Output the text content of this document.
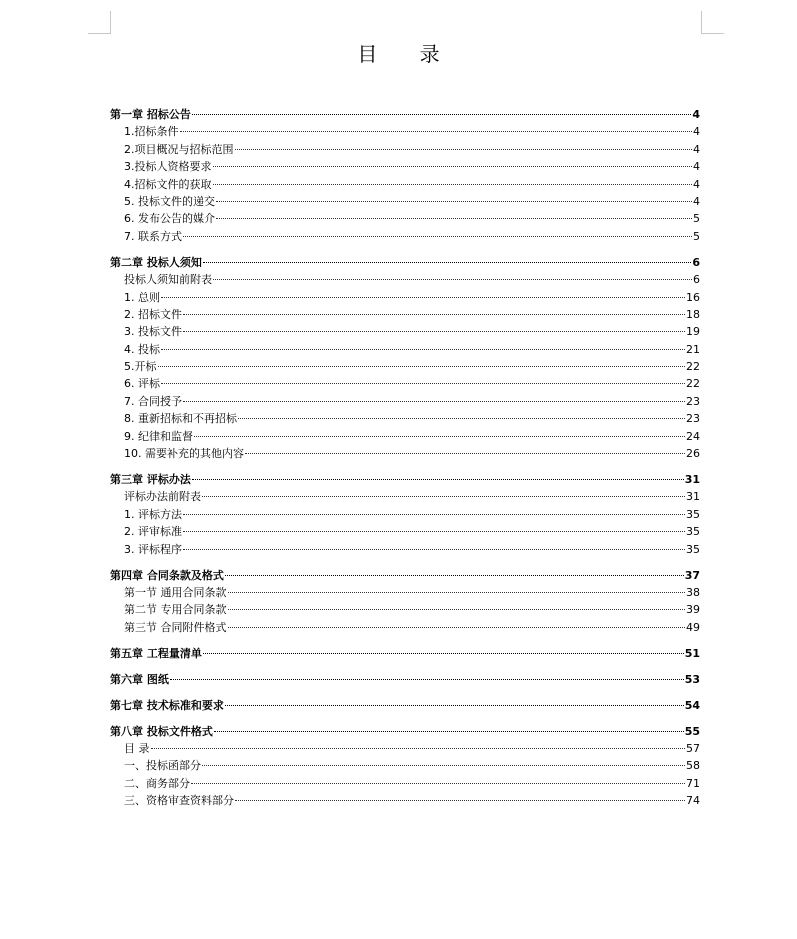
目 录
第一章 招标公告	4
1.招标条件	4
2.项目概况与招标范围	4
3.投标人资格要求	4
4.招标文件的获取	4
5. 投标文件的递交	4
6. 发布公告的媒介	5
7. 联系方式	5
第二章 投标人须知	6
投标人须知前附表	6
1. 总则	16
2. 招标文件	18
3. 投标文件	19
4. 投标	21
5.开标	22
6. 评标	22
7. 合同授予	23
8. 重新招标和不再招标	23
9. 纪律和监督	24
10. 需要补充的其他内容	26
第三章 评标办法	31
评标办法前附表	31
1. 评标方法	35
2. 评审标准	35
3. 评标程序	35
第四章 合同条款及格式	37
第一节 通用合同条款	38
第二节 专用合同条款	39
第三节 合同附件格式	49
第五章 工程量清单	51
第六章 图纸	53
第七章 技术标准和要求	54
第八章 投标文件格式	55
目 录	57
一、投标函部分	58
二、商务部分	71
三、资格审查资料部分	74
